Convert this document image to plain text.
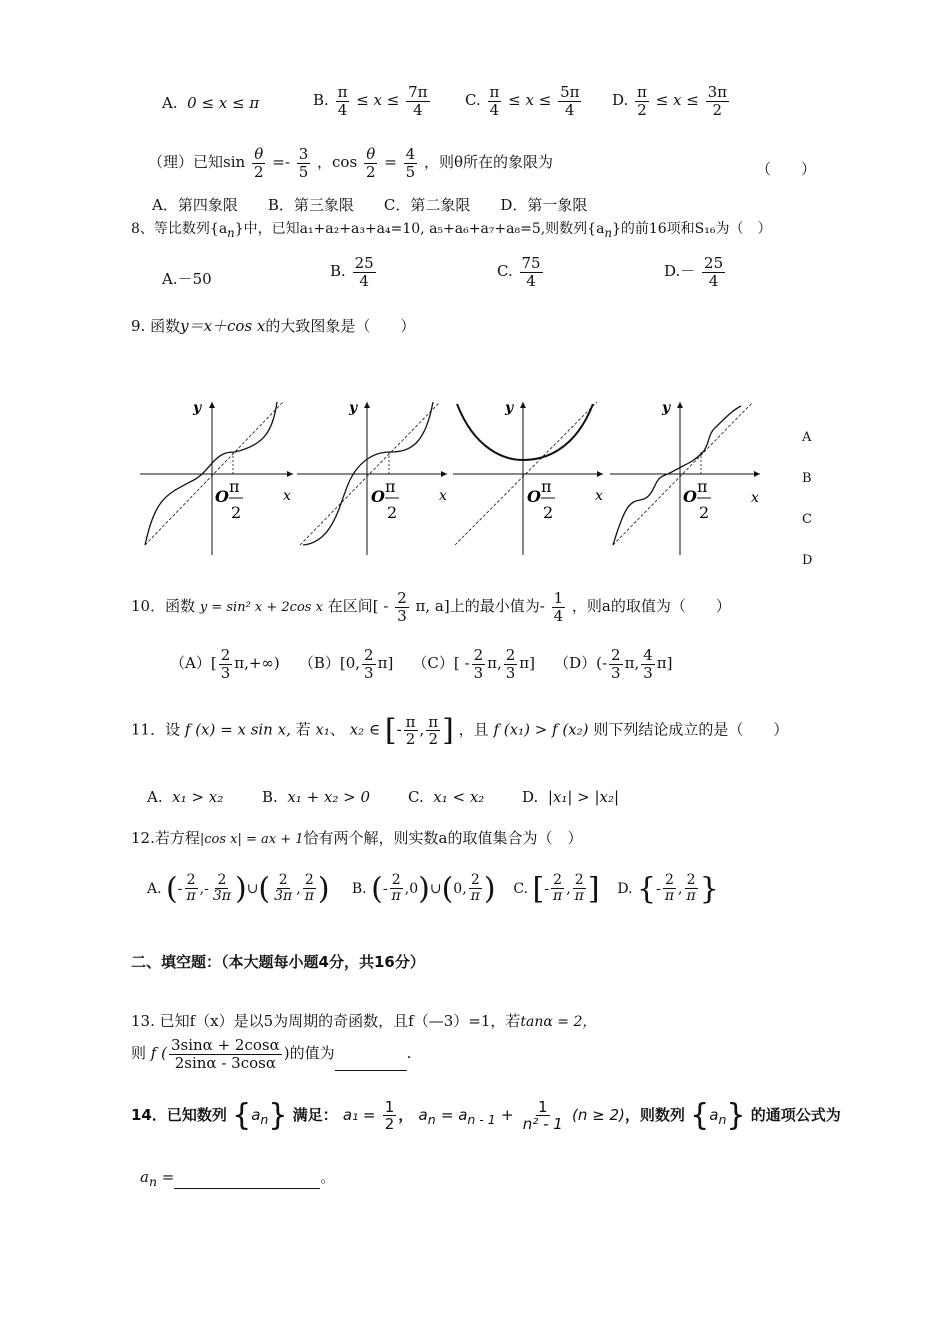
A. 0 ≤ x ≤ π	B. $\frac{\pi}{4} \le x \le \frac{7\pi}{4} C$. $\frac{\pi}{4} \le x \le \frac{5\pi}{4} D$. $\frac{\pi}{2} \le x \le \frac{3\pi}{2}$
（理）已知$\sin \frac{\theta}{2} =- \frac{3}{5}$ ，$\cos \frac{\theta}{2} = \frac{4}{5}$ ，则θ所在的象限为	（　　）
A．第四象限　　B．第三象限　　C．第二象限　　D．第一象限
8、等比数列$\{a_n\}$中，已知a₁+a₂+a₃+a₄=10, a₅+a₆+a₇+a₈=5,则数列$\{a_n\}$的前16项和S₁₆为（　）
A.－50	B. $\frac{25}{4}$	C. $\frac{75}{4}$	$D.- \frac{25}{4}$
9. 函数y＝x＋cos x的大致图象是（　　）
y
x
O
π
2
y
x
O
π
2
y
x
O
π
2
y
x
O
π
2
A
B
C
D
10．函数 y = sin² x + 2cos x 在区间[ - $\frac{2}{3} \pi$, a]上的最小值为- $\frac{1}{4}$ ，则a的取值为（　　）
$(A)[ \frac{2}{3} \pi,+\infty)$ （B）[0, $\frac{2}{3} \pi$] $(C)[ - \frac{2}{3} \pi$, $\frac{2}{3} \pi$] $(D)(- \frac{2}{3} \pi$, $\frac{4}{3} \pi$]
11．设 f (x) = x sin x, 若 x₁、 x₂ ∈ [- $\frac{\pi}{2}$ , $\frac{\pi}{2}$ ] ，且 f (x₁) > f (x₂) 则下列结论成立的是（　　）
A. x₁ > x₂	B. x₁ + x₂ > 0	C. x₁ < x₂	D. |x₁| > |x₂|
12.若方程|cos x| = ax + 1恰有两个解，则实数a的取值集合为（　）
A. (- $\frac{2}{\pi}$ ,- $\frac{2}{3\pi}$ )∪( $\frac{2}{3\pi}$ , $\frac{2}{\pi}$ ) B. (- $\frac{2}{\pi}$ ,0)∪(0, $\frac{2}{\pi}$ ) C. [- $\frac{2}{\pi}$ , $\frac{2}{\pi}$ ] D. {- $\frac{2}{\pi}$ , $\frac{2}{\pi}$ }
二、填空题：（本大题每小题4分，共16分）
13. 已知f（x）是以5为周期的奇函数，且f（—3）=1，若tanα = 2，
则 f ( $\frac{3\sin\alpha + 2\cos\alpha}{2\sin\alpha - 3\cos\alpha}$ )的值为	.
14．已知数列 $\{a_n\}$ 满足： $a_1 = \frac{1}{2}$ ， $a_n = a_{n - 1} + \frac{1}{\text{n² - 1}} (n \ge 2)$，则数列 $\{a_n\}$ 的通项公式为
$a_n$ =	。
